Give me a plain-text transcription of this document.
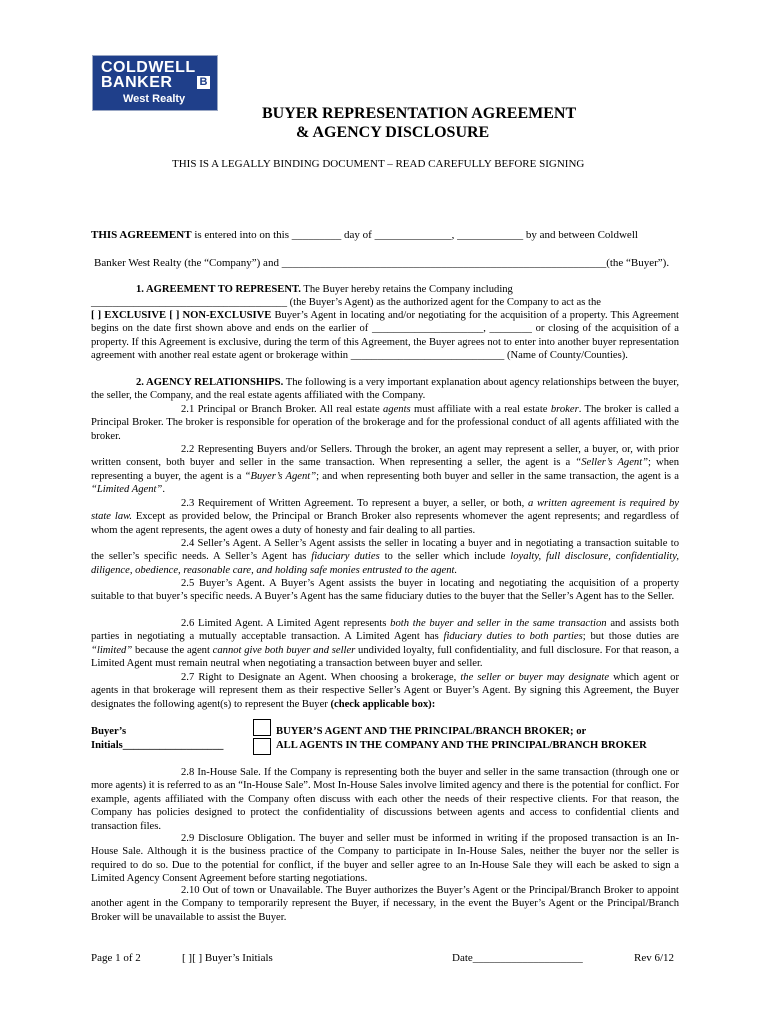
COLDWELL
BANKER B
West Realty
BUYER REPRESENTATION AGREEMENT
& AGENCY DISCLOSURE
THIS IS A LEGALLY BINDING DOCUMENT – READ CAREFULLY BEFORE SIGNING
THIS AGREEMENT is entered into on this _________ day of ______________, ____________ by and between Coldwell
Banker West Realty (the “Company”) and ___________________________________________________________(the “Buyer”).
1. AGREEMENT TO REPRESENT. The Buyer hereby retains the Company including
_____________________________________ (the Buyer’s Agent) as the authorized agent for the Company to act as the
[ ] EXCLUSIVE [ ] NON-EXCLUSIVE Buyer’s Agent in locating and/or negotiating for the acquisition of a property. This Agreement begins on the date first shown above and ends on the earlier of _____________________, ________ or closing of the acquisition of a property. If this Agreement is exclusive, during the term of this Agreement, the Buyer agrees not to enter into another buyer representation agreement with another real estate agent or brokerage within _____________________________ (Name of County/Counties).
2. AGENCY RELATIONSHIPS. The following is a very important explanation about agency relationships between the buyer, the seller, the Company, and the real estate agents affiliated with the Company.
2.1 Principal or Branch Broker. All real estate agents must affiliate with a real estate broker. The broker is called a Principal Broker. The broker is responsible for operation of the brokerage and for the professional conduct of all agents affiliated with the broker.
2.2 Representing Buyers and/or Sellers. Through the broker, an agent may represent a seller, a buyer, or, with prior written consent, both buyer and seller in the same transaction. When representing a seller, the agent is a “Seller’s Agent”; when representing a buyer, the agent is a “Buyer’s Agent”; and when representing both buyer and seller in the same transaction, the agent is a “Limited Agent”.
2.3 Requirement of Written Agreement. To represent a buyer, a seller, or both, a written agreement is required by state law. Except as provided below, the Principal or Branch Broker also represents whomever the agent represents; and regardless of whom the agent represents, the agent owes a duty of honesty and fair dealing to all parties.
2.4 Seller’s Agent. A Seller’s Agent assists the seller in locating a buyer and in negotiating a transaction suitable to the seller’s specific needs. A Seller’s Agent has fiduciary duties to the seller which include loyalty, full disclosure, confidentiality, diligence, obedience, reasonable care, and holding safe monies entrusted to the agent.
2.5 Buyer’s Agent. A Buyer’s Agent assists the buyer in locating and negotiating the acquisition of a property suitable to that buyer’s specific needs. A Buyer’s Agent has the same fiduciary duties to the buyer that the Seller’s Agent has to the Seller.
2.6 Limited Agent. A Limited Agent represents both the buyer and seller in the same transaction and assists both parties in negotiating a mutually acceptable transaction. A Limited Agent has fiduciary duties to both parties; but those duties are “limited” because the agent cannot give both buyer and seller undivided loyalty, full confidentiality, and full disclosure. For that reason, a Limited Agent must remain neutral when negotiating a transaction between buyer and seller.
2.7 Right to Designate an Agent. When choosing a brokerage, the seller or buyer may designate which agent or agents in that brokerage will represent them as their respective Seller’s Agent or Buyer’s Agent. By signing this Agreement, the Buyer designates the following agent(s) to represent the Buyer (check applicable box):
Buyer’s
Initials___________________
BUYER’S AGENT AND THE PRINCIPAL/BRANCH BROKER; or
ALL AGENTS IN THE COMPANY AND THE PRINCIPAL/BRANCH BROKER
2.8 In-House Sale. If the Company is representing both the buyer and seller in the same transaction (through one or more agents) it is referred to as an “In-House Sale”. Most In-House Sales involve limited agency and there is the potential for conflict. For example, agents affiliated with the Company often discuss with each other the needs of their respective clients. For that reason, the Company has policies designed to protect the confidentiality of discussions between agents and access to confidential clients and transaction files.
2.9 Disclosure Obligation. The buyer and seller must be informed in writing if the proposed transaction is an In-House Sale. Although it is the business practice of the Company to participate in In-House Sales, neither the buyer nor the seller is required to do so. Due to the potential for conflict, if the buyer and seller agree to an In-House Sale they will each be asked to sign a Limited Agency Consent Agreement before starting negotiations.
2.10 Out of town or Unavailable. The Buyer authorizes the Buyer’s Agent or the Principal/Branch Broker to appoint another agent in the Company to temporarily represent the Buyer, if necessary, in the event the Buyer’s Agent or the Principal/Branch Broker will be unavailable to assist the Buyer.
Page 1 of 2	[ ][ ] Buyer’s Initials	Date____________________	Rev 6/12
